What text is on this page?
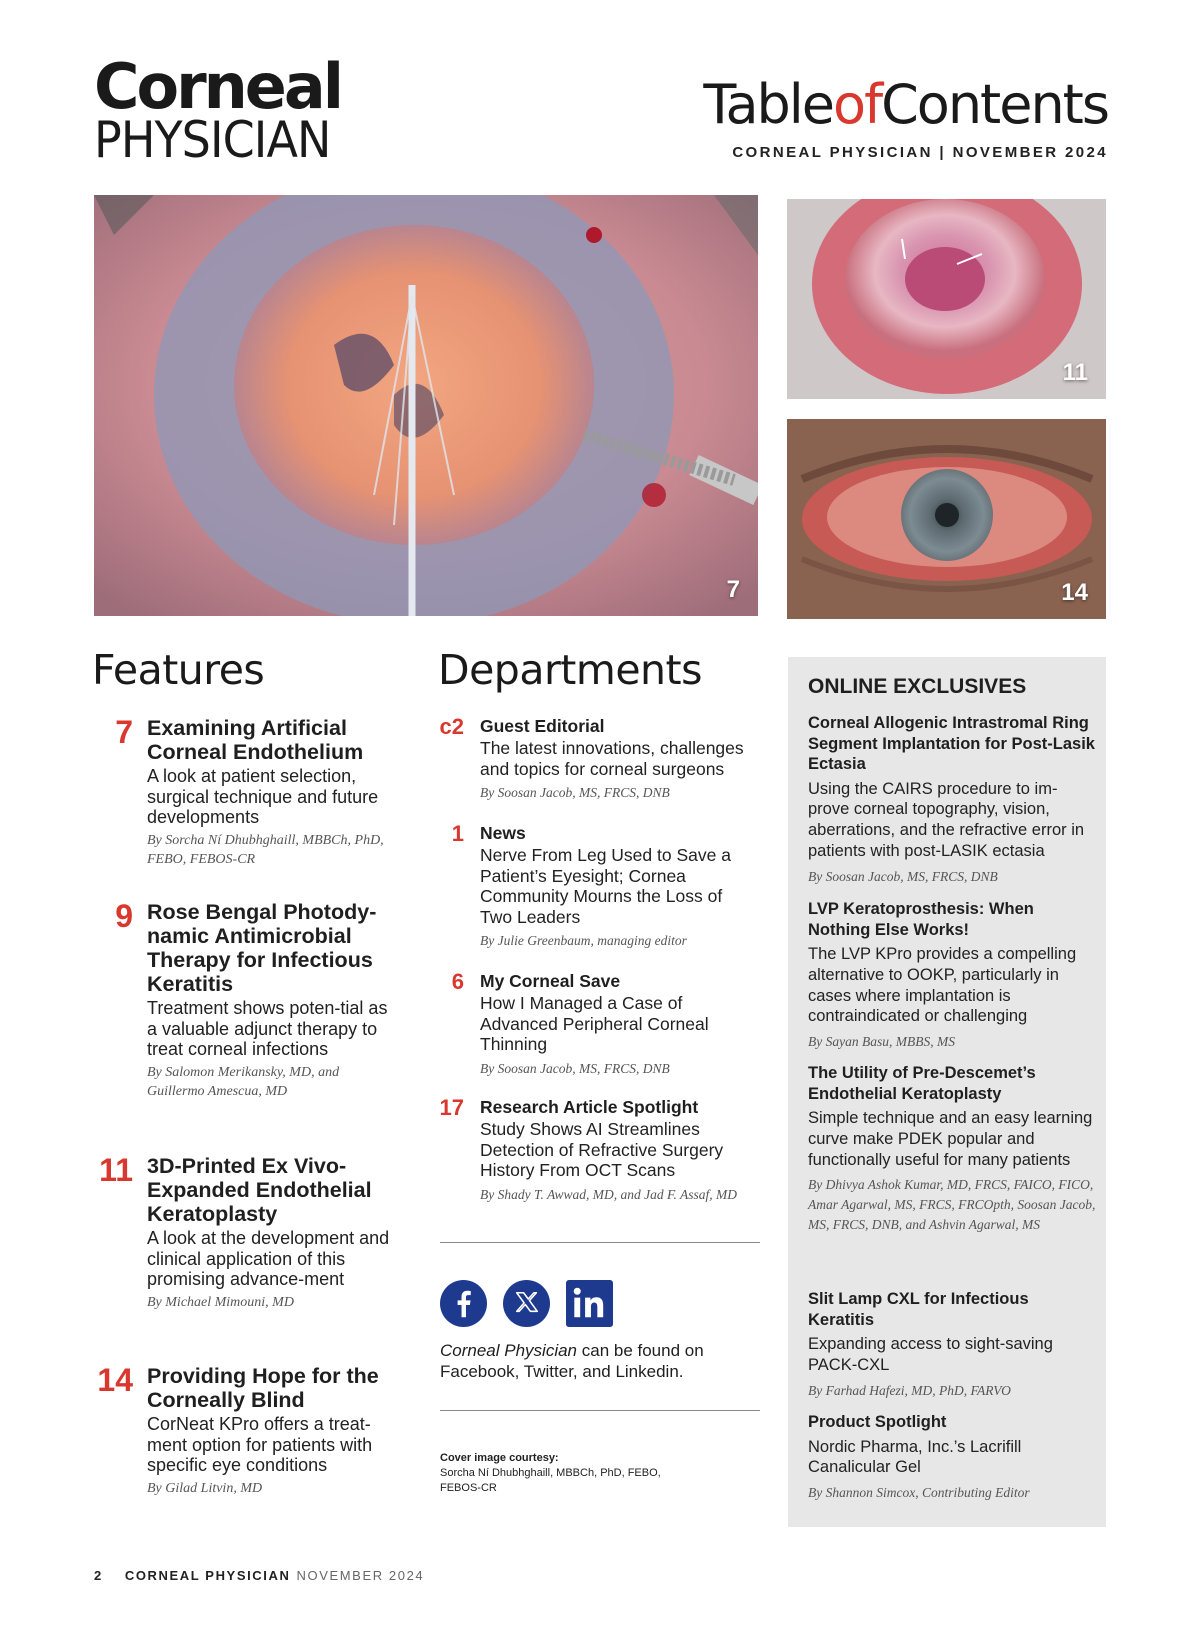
Corneal
PHYSICIAN
TableofContents
CORNEAL PHYSICIAN | NOVEMBER 2024
7
11
14
Features
7 Examining Artificial Corneal Endothelium
A look at patient selection, surgical technique and future developments
By Sorcha Ní Dhubhghaill, MBBCh, PhD, FEBO, FEBOS-CR
9 Rose Bengal Photody-namic Antimicrobial Therapy for Infectious Keratitis
Treatment shows poten-tial as a valuable adjunct therapy to treat corneal infections
By Salomon Merikansky, MD, and Guillermo Amescua, MD
11 3D-Printed Ex Vivo-Expanded Endothelial Keratoplasty
A look at the development and clinical application of this promising advance-ment
By Michael Mimouni, MD
14 Providing Hope for the Corneally Blind
CorNeat KPro offers a treat-ment option for patients with specific eye conditions
By Gilad Litvin, MD
Departments
c2 Guest Editorial
The latest innovations, challenges and topics for corneal surgeons
By Soosan Jacob, MS, FRCS, DNB
1 News
Nerve From Leg Used to Save a Patient’s Eyesight; Cornea Community Mourns the Loss of Two Leaders
By Julie Greenbaum, managing editor
6 My Corneal Save
How I Managed a Case of Advanced Peripheral Corneal Thinning
By Soosan Jacob, MS, FRCS, DNB
17 Research Article Spotlight
Study Shows AI Streamlines Detection of Refractive Surgery History From OCT Scans
By Shady T. Awwad, MD, and Jad F. Assaf, MD
Corneal Physician can be found on Facebook, Twitter, and Linkedin.
Cover image courtesy:
Sorcha Ní Dhubhghaill, MBBCh, PhD, FEBO, FEBOS-CR
ONLINE EXCLUSIVES
Corneal Allogenic Intrastromal Ring Segment Implantation for Post-Lasik Ectasia
Using the CAIRS procedure to im-prove corneal topography, vision, aberrations, and the refractive error in patients with post-LASIK ectasia
By Soosan Jacob, MS, FRCS, DNB
LVP Keratoprosthesis: When Nothing Else Works!
The LVP KPro provides a compelling alternative to OOKP, particularly in cases where implantation is contraindicated or challenging
By Sayan Basu, MBBS, MS
The Utility of Pre-Descemet’s Endothelial Keratoplasty
Simple technique and an easy learning curve make PDEK popular and functionally useful for many patients
By Dhivya Ashok Kumar, MD, FRCS, FAICO, FICO, Amar Agarwal, MS, FRCS, FRCOpth, Soosan Jacob, MS, FRCS, DNB, and Ashvin Agarwal, MS
Slit Lamp CXL for Infectious Keratitis
Expanding access to sight-saving PACK-CXL
By Farhad Hafezi, MD, PhD, FARVO
Product Spotlight
Nordic Pharma, Inc.’s Lacrifill Canalicular Gel
By Shannon Simcox, Contributing Editor
2 CORNEAL PHYSICIAN NOVEMBER 2024
